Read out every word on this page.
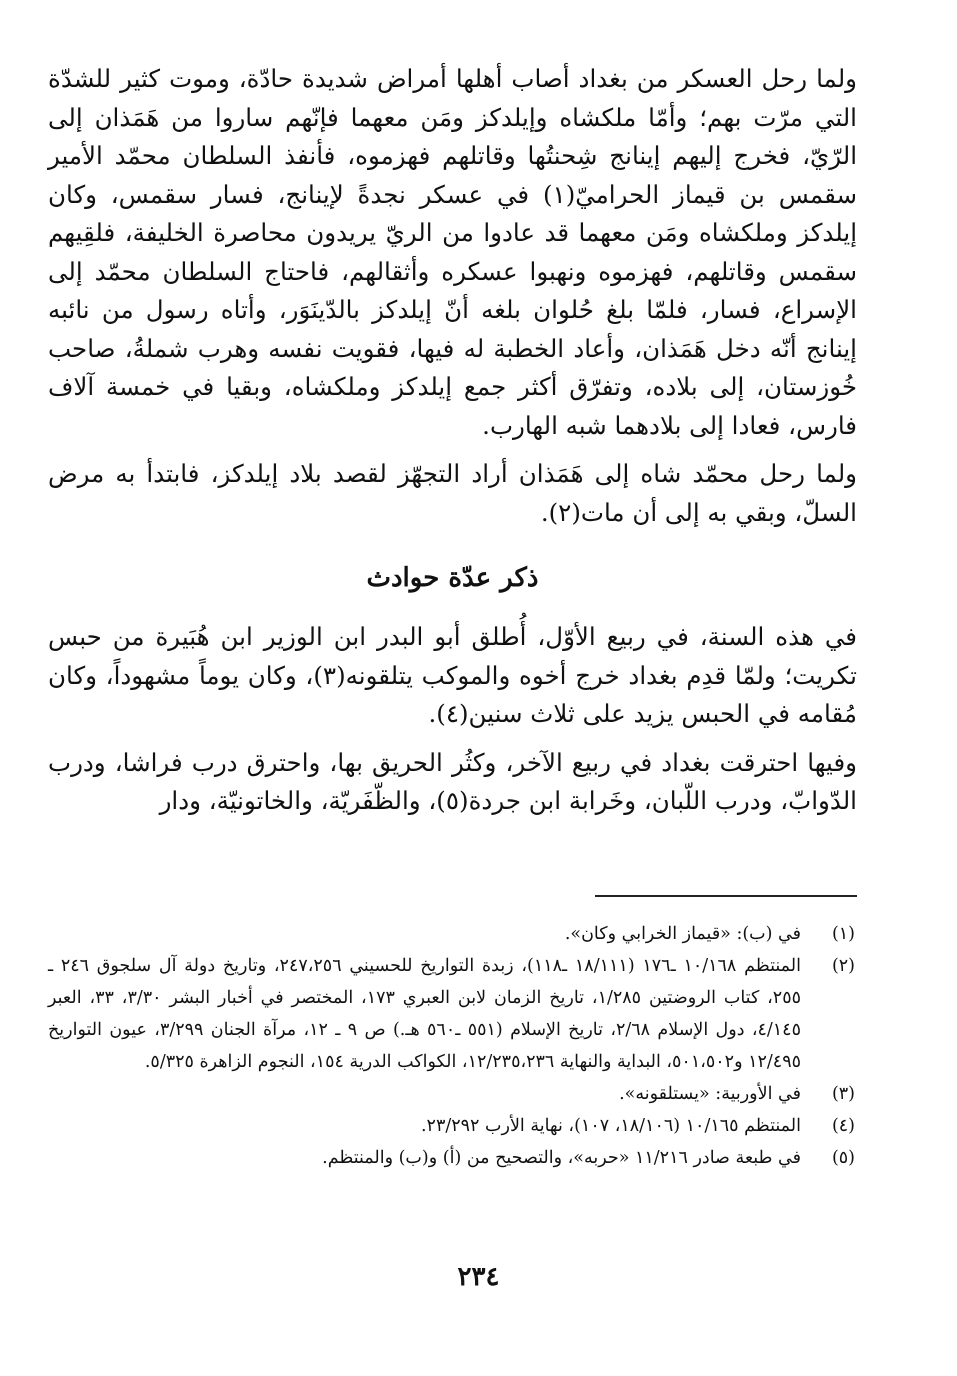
ولما رحل العسكر من بغداد أصاب أهلها أمراض شديدة حادّة، وموت كثير للشدّة التي مرّت بهم؛ وأمّا ملكشاه وإيلدكز ومَن معهما فإنّهم ساروا من هَمَذان إلى الرّيّ، فخرج إليهم إينانج شِحنتُها وقاتلهم فهزموه، فأنفذ السلطان محمّد الأمير سقمس بن قيماز الحراميّ(١) في عسكر نجدةً لإينانج، فسار سقمس، وكان إيلدكز وملكشاه ومَن معهما قد عادوا من الريّ يريدون محاصرة الخليفة، فلقِيهم سقمس وقاتلهم، فهزموه ونهبوا عسكره وأثقالهم، فاحتاج السلطان محمّد إلى الإسراع، فسار، فلمّا بلغ حُلوان بلغه أنّ إيلدكز بالدّينَوَر، وأتاه رسول من نائبه إينانج أنّه دخل هَمَذان، وأعاد الخطبة له فيها، فقويت نفسه وهرب شملةُ، صاحب خُوزستان، إلى بلاده، وتفرّق أكثر جمع إيلدكز وملكشاه، وبقيا في خمسة آلاف فارس، فعادا إلى بلادهما شبه الهارب.

ولما رحل محمّد شاه إلى هَمَذان أراد التجهّز لقصد بلاد إيلدكز، فابتدأ به مرض السلّ، وبقي به إلى أن مات(٢).

ذكر عدّة حوادث

في هذه السنة، في ربيع الأوّل، أُطلق أبو البدر ابن الوزير ابن هُبَيرة من حبس تكريت؛ ولمّا قدِم بغداد خرج أخوه والموكب يتلقونه(٣)، وكان يوماً مشهوداً، وكان مُقامه في الحبس يزيد على ثلاث سنين(٤).

وفيها احترقت بغداد في ربيع الآخر، وكثُر الحريق بها، واحترق درب فراشا، ودرب الدّوابّ، ودرب اللّبان، وخَرابة ابن جردة(٥)، والظّفَريّة، والخاتونيّة، ودار

(١)
في (ب): «قيماز الخرابي وكان».
(٢)
المنتظم ١٠/١٦٨ ـ١٧٦ (١٨/١١١ ـ١١٨)، زبدة التواريخ للحسيني ٢٤٧،٢٥٦، وتاريخ دولة آل سلجوق ٢٤٦ ـ ٢٥٥، كتاب الروضتين ١/٢٨٥، تاريخ الزمان لابن العبري ١٧٣، المختصر في أخبار البشر ٣/٣٠، ٣٣، العبر ٤/١٤٥، دول الإسلام ٢/٦٨، تاريخ الإسلام (٥٥١ ـ٥٦٠ هـ.) ص ٩ ـ ١٢، مرآة الجنان ٣/٢٩٩، عيون التواريخ ١٢/٤٩٥ و٥٠١،٥٠٢، البداية والنهاية ١٢/٢٣٥،٢٣٦، الكواكب الدرية ١٥٤، النجوم الزاهرة ٥/٣٢٥.
(٣)
في الأوربية: «يستلقونه».
(٤)
المنتظم ١٠/١٦٥ (١٨/١٠٦، ١٠٧)، نهاية الأرب ٢٣/٢٩٢.
(٥)
في طبعة صادر ١١/٢١٦ «حربه»، والتصحيح من (أ) و(ب) والمنتظم.
٢٣٤
